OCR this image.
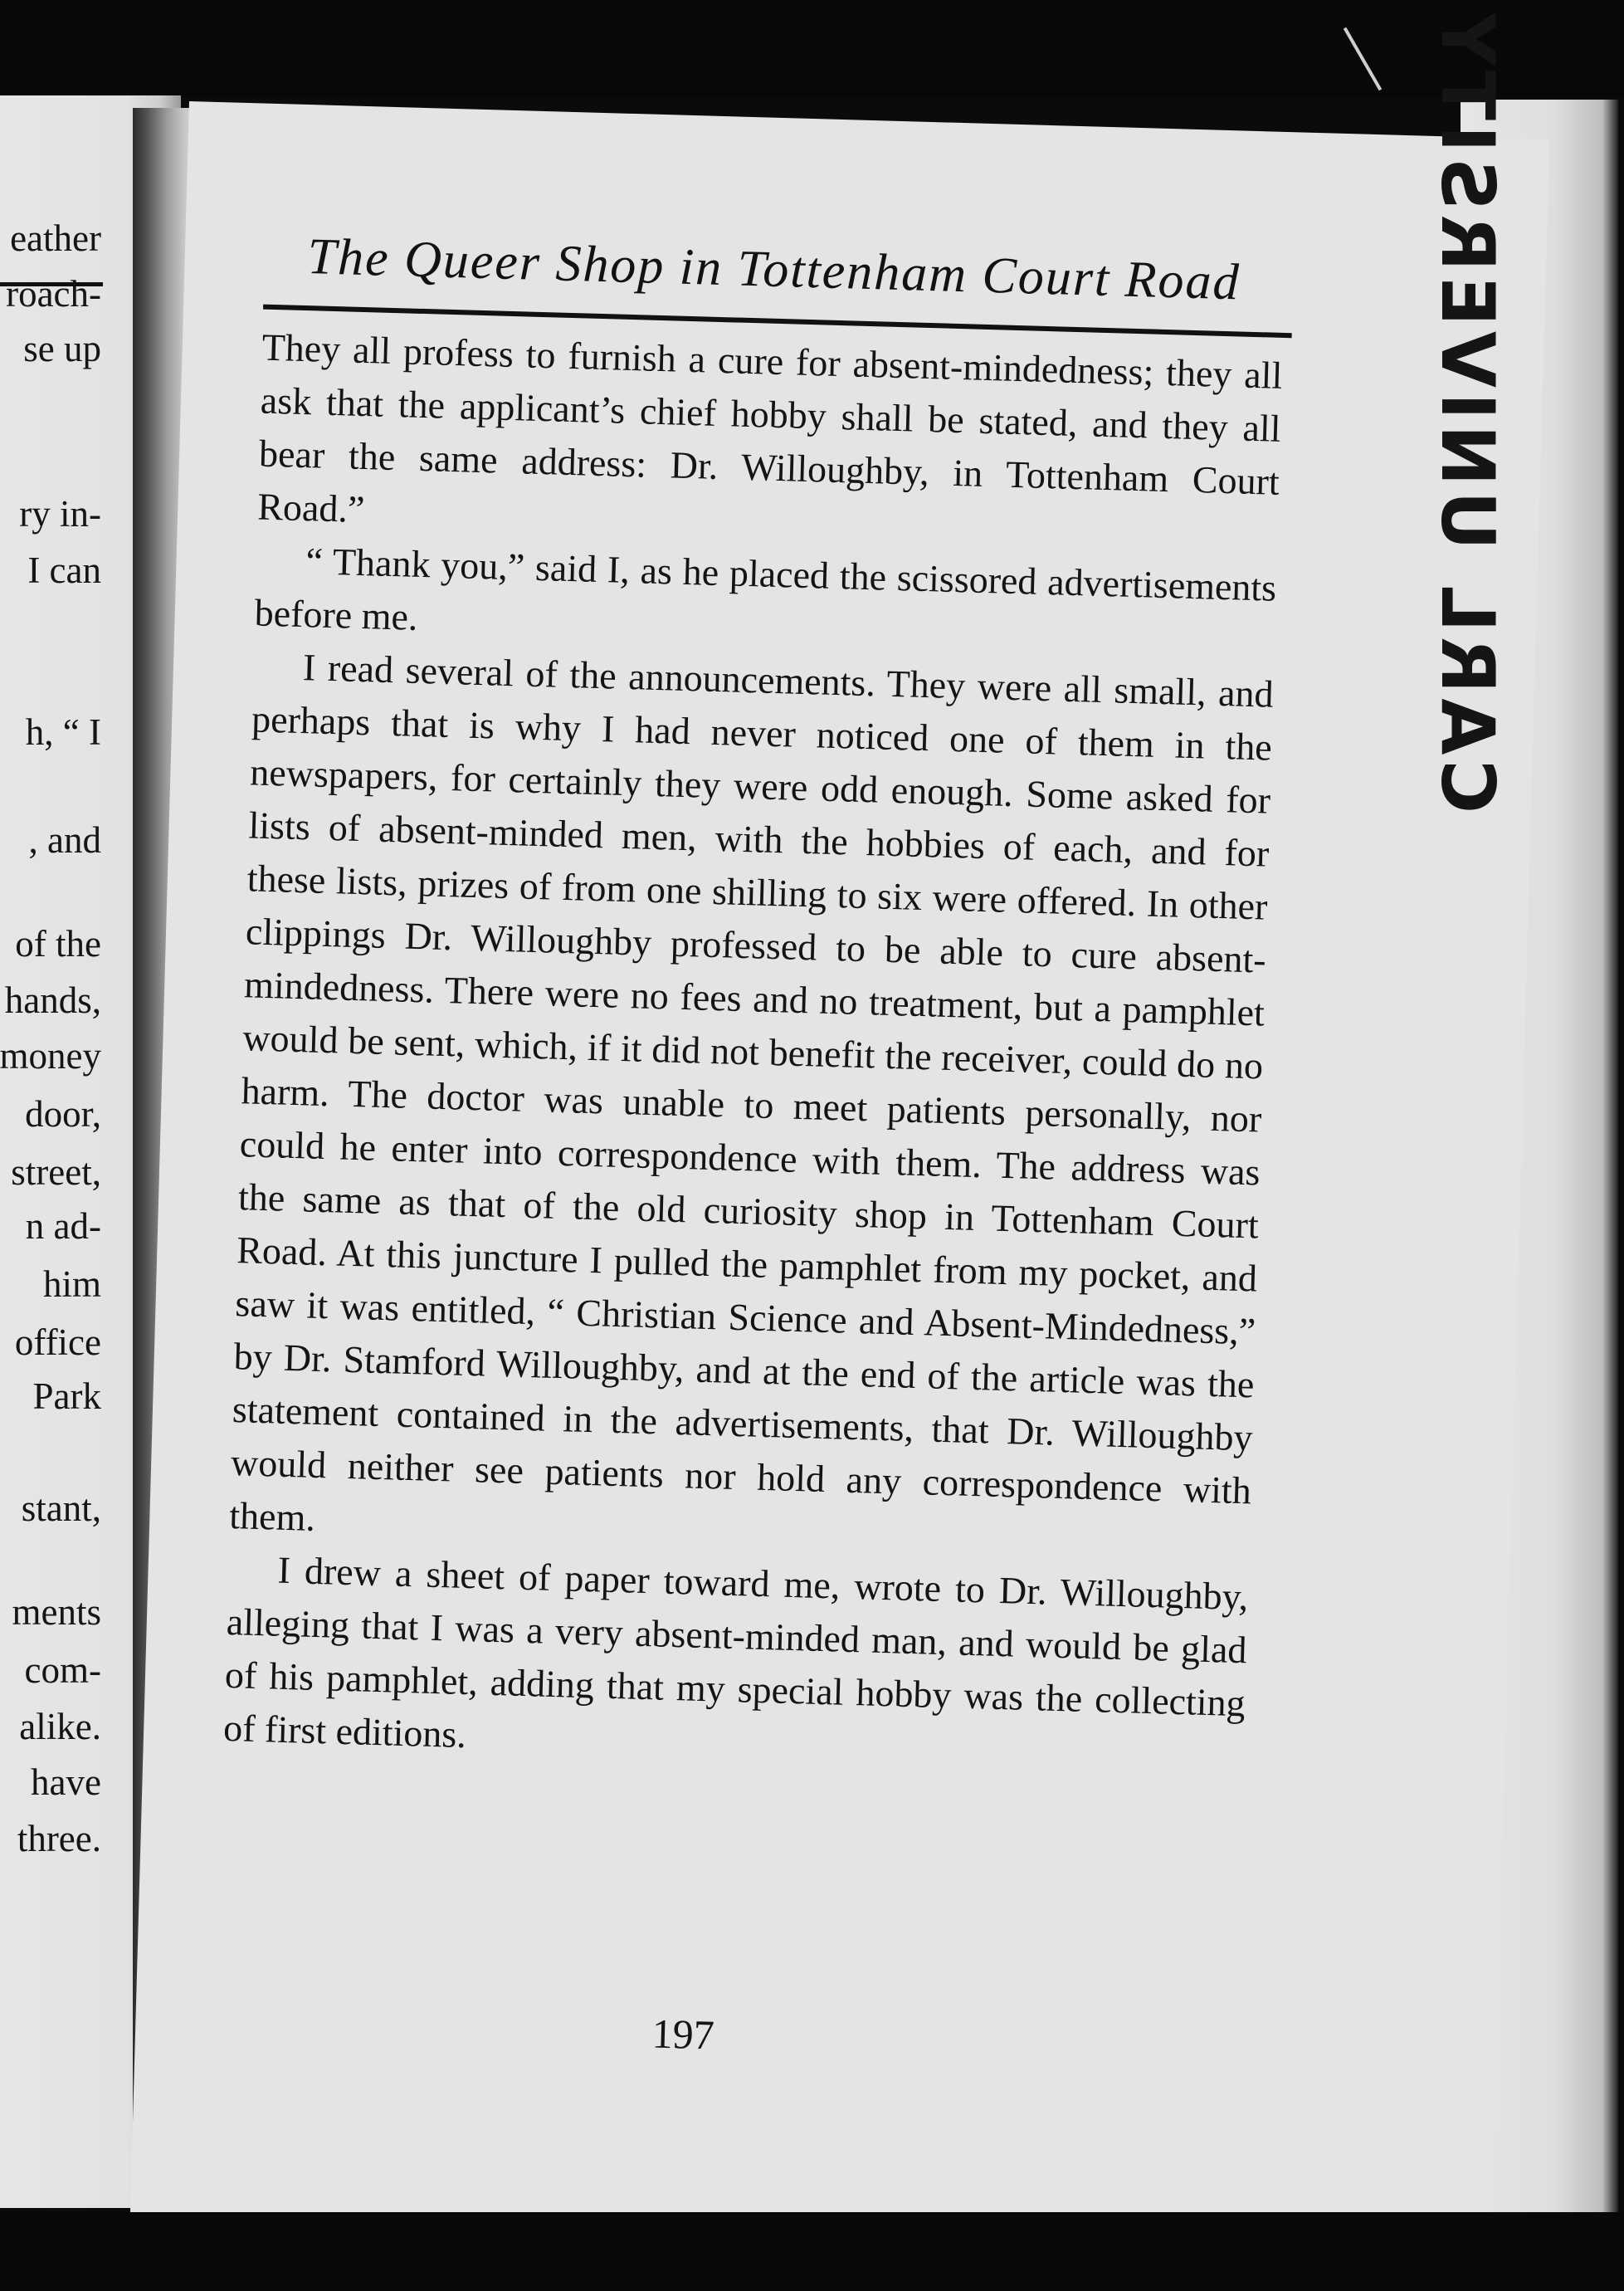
eather
roach-
se up
ry in-
I can
h, “ I
, and
of the
hands,
money
door,
street,
n ad-
him
office
Park
stant,
ments
com-
alike.
have
three.
The Queer Shop in Tottenham Court Road

They all profess to furnish a cure for absent-mindedness; they all ask that the applicant’s chief hobby shall be stated, and they all bear the same address: Dr. Willoughby, in Tottenham Court Road.”

“ Thank you,” said I, as he placed the scissored advertisements before me.

I read several of the announcements. They were all small, and perhaps that is why I had never noticed one of them in the newspapers, for certainly they were odd enough. Some asked for lists of absent-minded men, with the hobbies of each, and for these lists, prizes of from one shilling to six were offered. In other clippings Dr. Willoughby professed to be able to cure absent-mindedness. There were no fees and no treatment, but a pamphlet would be sent, which, if it did not benefit the receiver, could do no harm. The doctor was unable to meet patients personally, nor could he enter into correspondence with them. The address was the same as that of the old curiosity shop in Tottenham Court Road. At this juncture I pulled the pamphlet from my pocket, and saw it was entitled, “ Christian Science and Absent-Mindedness,” by Dr. Stamford Willoughby, and at the end of the article was the statement contained in the advertisements, that Dr. Willoughby would neither see patients nor hold any correspondence with them.

I drew a sheet of paper toward me, wrote to Dr. Willoughby, alleging that I was a very absent-minded man, and would be glad of his pamphlet, adding that my special hobby was the collecting of first editions.

197
CARL UNIVERSITY
